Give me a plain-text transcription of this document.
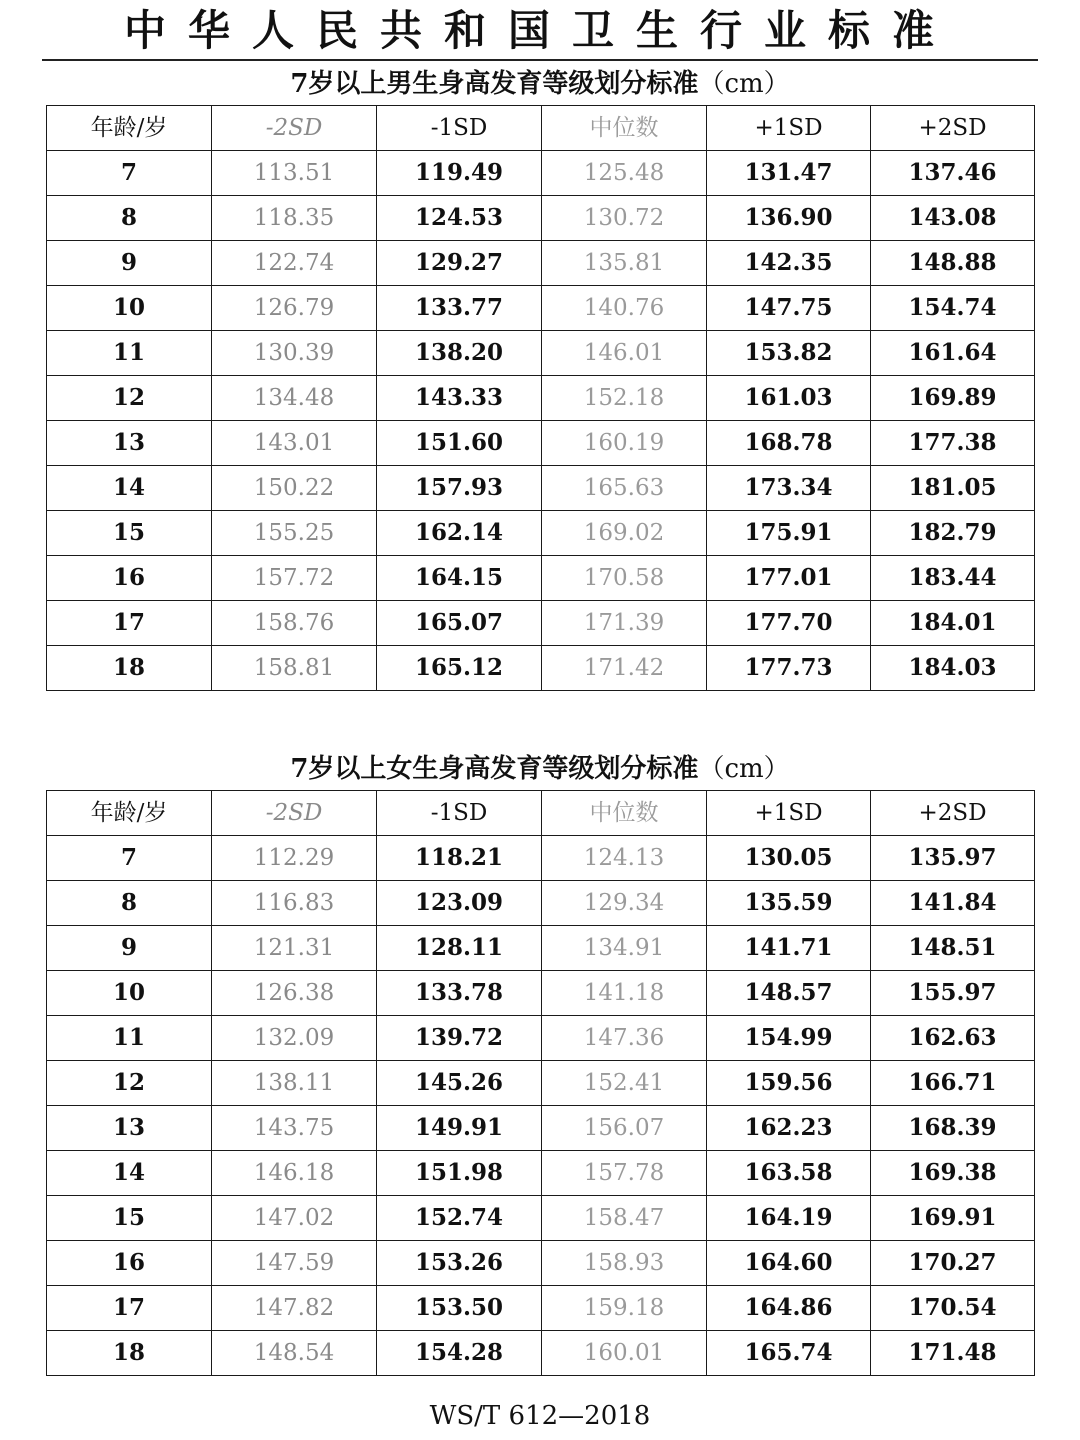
中华人民共和国卫生行业标准
7岁以上男生身高发育等级划分标准（cm）
年龄/岁	-2SD	-1SD	中位数	+1SD	+2SD
7	113.51	119.49	125.48	131.47	137.46
8	118.35	124.53	130.72	136.90	143.08
9	122.74	129.27	135.81	142.35	148.88
10	126.79	133.77	140.76	147.75	154.74
11	130.39	138.20	146.01	153.82	161.64
12	134.48	143.33	152.18	161.03	169.89
13	143.01	151.60	160.19	168.78	177.38
14	150.22	157.93	165.63	173.34	181.05
15	155.25	162.14	169.02	175.91	182.79
16	157.72	164.15	170.58	177.01	183.44
17	158.76	165.07	171.39	177.70	184.01
18	158.81	165.12	171.42	177.73	184.03
7岁以上女生身高发育等级划分标准（cm）
年龄/岁	-2SD	-1SD	中位数	+1SD	+2SD
7	112.29	118.21	124.13	130.05	135.97
8	116.83	123.09	129.34	135.59	141.84
9	121.31	128.11	134.91	141.71	148.51
10	126.38	133.78	141.18	148.57	155.97
11	132.09	139.72	147.36	154.99	162.63
12	138.11	145.26	152.41	159.56	166.71
13	143.75	149.91	156.07	162.23	168.39
14	146.18	151.98	157.78	163.58	169.38
15	147.02	152.74	158.47	164.19	169.91
16	147.59	153.26	158.93	164.60	170.27
17	147.82	153.50	159.18	164.86	170.54
18	148.54	154.28	160.01	165.74	171.48
WS/T 612—2018
